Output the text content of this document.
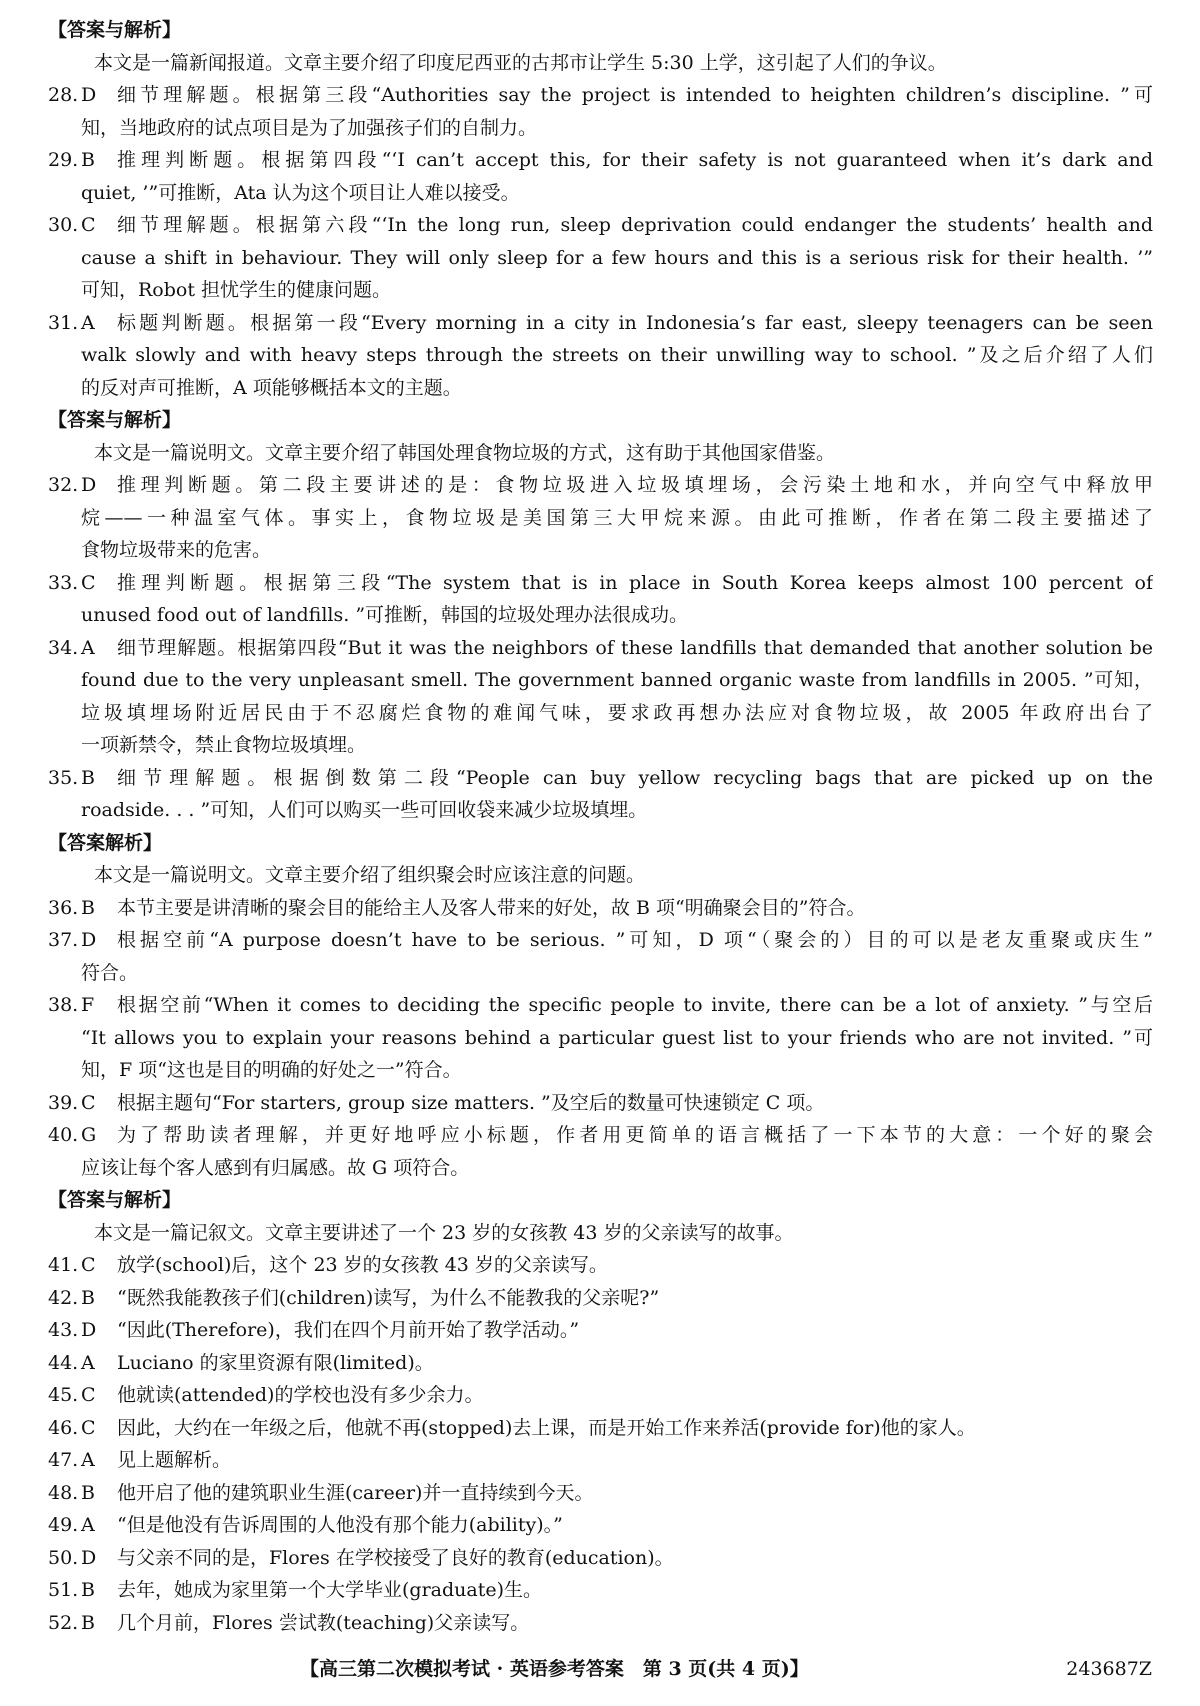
【答案与解析】
本文是一篇新闻报道。文章主要介绍了印度尼西亚的古邦市让学生 5:30 上学，这引起了人们的争议。
28. D	细节理解题。根据第三段“Authorities say the project is intended to heighten children’s discipline. ”可
知，当地政府的试点项目是为了加强孩子们的自制力。
29. B	推理判断题。根据第四段“‘I can’t accept this, for their safety is not guaranteed when it’s dark and
quiet, ’”可推断，Ata 认为这个项目让人难以接受。
30. C	细节理解题。根据第六段“‘In the long run, sleep deprivation could endanger the students’ health and
cause a shift in behaviour. They will only sleep for a few hours and this is a serious risk for their health. ’”
可知，Robot 担忧学生的健康问题。
31. A	标题判断题。根据第一段“Every morning in a city in Indonesia’s far east, sleepy teenagers can be seen
walk slowly and with heavy steps through the streets on their unwilling way to school. ”及之后介绍了人们
的反对声可推断，A 项能够概括本文的主题。
【答案与解析】
本文是一篇说明文。文章主要介绍了韩国处理食物垃圾的方式，这有助于其他国家借鉴。
32. D	推理判断题。第二段主要讲述的是：食物垃圾进入垃圾填埋场，会污染土地和水，并向空气中释放甲
烷——一种温室气体。事实上，食物垃圾是美国第三大甲烷来源。由此可推断，作者在第二段主要描述了
食物垃圾带来的危害。
33. C	推理判断题。根据第三段“The system that is in place in South Korea keeps almost 100 percent of
unused food out of landfills. ”可推断，韩国的垃圾处理办法很成功。
34. A	细节理解题。根据第四段“But it was the neighbors of these landfills that demanded that another solution be
found due to the very unpleasant smell. The government banned organic waste from landfills in 2005. ”可知，
垃圾填埋场附近居民由于不忍腐烂食物的难闻气味，要求政再想办法应对食物垃圾，故 2005 年政府出台了
一项新禁令，禁止食物垃圾填埋。
35. B	细节理解题。根据倒数第二段“People can buy yellow recycling bags that are picked up on the
roadside. . . ”可知，人们可以购买一些可回收袋来减少垃圾填埋。
【答案解析】
本文是一篇说明文。文章主要介绍了组织聚会时应该注意的问题。
36. B	本节主要是讲清晰的聚会目的能给主人及客人带来的好处，故 B 项“明确聚会目的”符合。
37. D	根据空前“A purpose doesn’t have to be serious. ”可知，D 项“（聚会的）目的可以是老友重聚或庆生”
符合。
38. F	根据空前“When it comes to deciding the specific people to invite, there can be a lot of anxiety. ”与空后
“It allows you to explain your reasons behind a particular guest list to your friends who are not invited. ”可
知，F 项“这也是目的明确的好处之一”符合。
39. C	根据主题句“For starters, group size matters. ”及空后的数量可快速锁定 C 项。
40. G	为了帮助读者理解，并更好地呼应小标题，作者用更简单的语言概括了一下本节的大意：一个好的聚会
应该让每个客人感到有归属感。故 G 项符合。
【答案与解析】
本文是一篇记叙文。文章主要讲述了一个 23 岁的女孩教 43 岁的父亲读写的故事。
41. C	放学(school)后，这个 23 岁的女孩教 43 岁的父亲读写。
42. B	“既然我能教孩子们(children)读写，为什么不能教我的父亲呢?”
43. D	“因此(Therefore)，我们在四个月前开始了教学活动。”
44. A	Luciano 的家里资源有限(limited)。
45. C	他就读(attended)的学校也没有多少余力。
46. C	因此，大约在一年级之后，他就不再(stopped)去上课，而是开始工作来养活(provide for)他的家人。
47. A	见上题解析。
48. B	他开启了他的建筑职业生涯(career)并一直持续到今天。
49. A	“但是他没有告诉周围的人他没有那个能力(ability)。”
50. D	与父亲不同的是，Flores 在学校接受了良好的教育(education)。
51. B	去年，她成为家里第一个大学毕业(graduate)生。
52. B	几个月前，Flores 尝试教(teaching)父亲读写。
【高三第二次模拟考试 · 英语参考答案　第 3 页(共 4 页)】	243687Z
